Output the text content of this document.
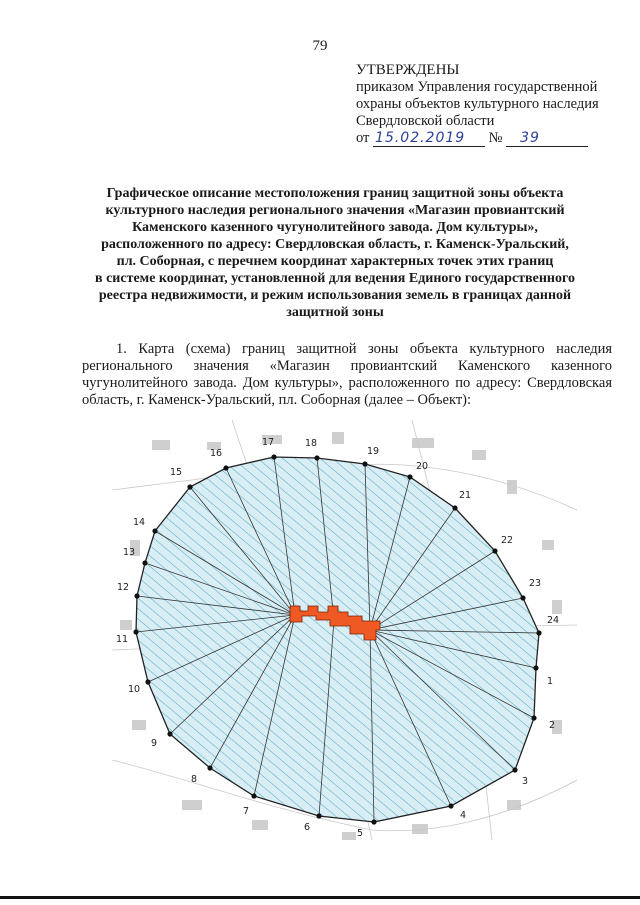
79
УТВЕРЖДЕНЫ
приказом Управления государственной
охраны объектов культурного наследия
Свердловской области
от 15.02.2019 № 39
Графическое описание местоположения границ защитной зоны объекта
культурного наследия регионального значения «Магазин провиантский
Каменского казенного чугунолитейного завода. Дом культуры»,
расположенного по адресу: Свердловская область, г. Каменск-Уральский,
пл. Соборная, с перечнем координат характерных точек этих границ
в системе координат, установленной для ведения Единого государственного
реестра недвижимости, и режим использования земель в границах данной
защитной зоны
1. Карта (схема) границ защитной зоны объекта культурного наследия регионального значения «Магазин провиантский Каменского казенного чугунолитейного завода. Дом культуры», расположенного по адресу: Свердловская область, г. Каменск-Уральский, пл. Соборная (далее – Объект):
5
4
3
2
1
24
23
22
21
20
19
18
17
16
15
14
13
12
11
10
9
8
7
6
